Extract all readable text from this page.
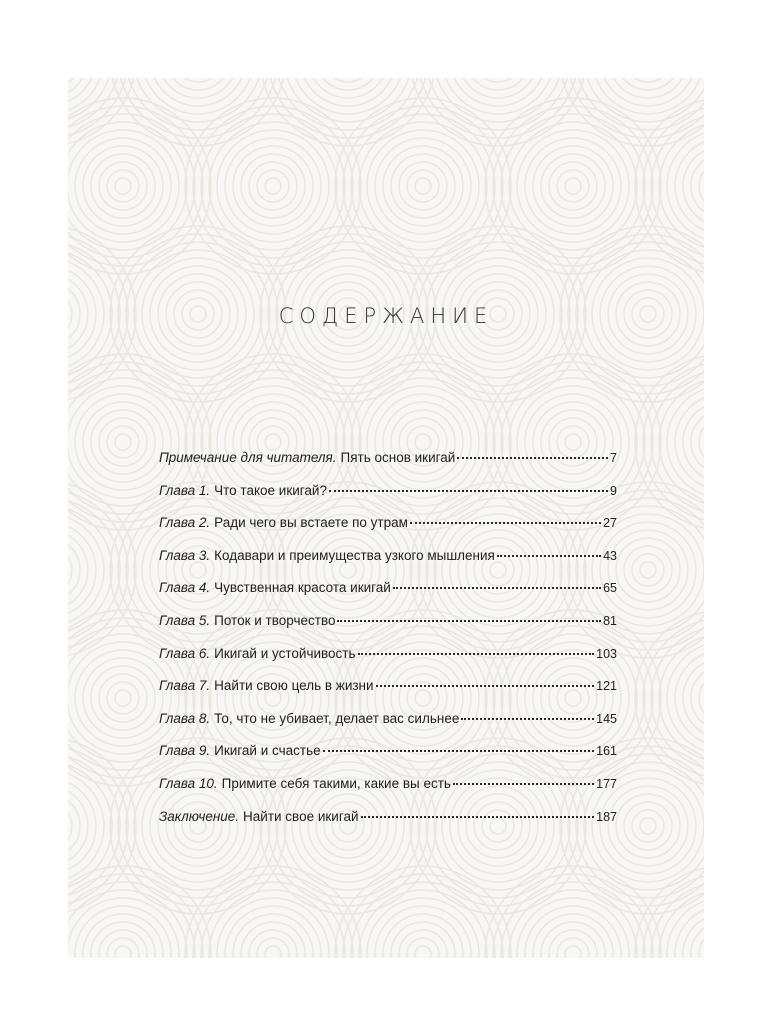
СОДЕРЖАНИЕ
Примечание для читателя. Пять основ икигай	7
Глава 1. Что такое икигай?	9
Глава 2. Ради чего вы встаете по утрам	27
Глава 3. Кодавари и преимущества узкого мышления	43
Глава 4. Чувственная красота икигай	65
Глава 5. Поток и творчество	81
Глава 6. Икигай и устойчивость	103
Глава 7. Найти свою цель в жизни	121
Глава 8. То, что не убивает, делает вас сильнее	145
Глава 9. Икигай и счастье	161
Глава 10. Примите себя такими, какие вы есть	177
Заключение. Найти свое икигай	187
